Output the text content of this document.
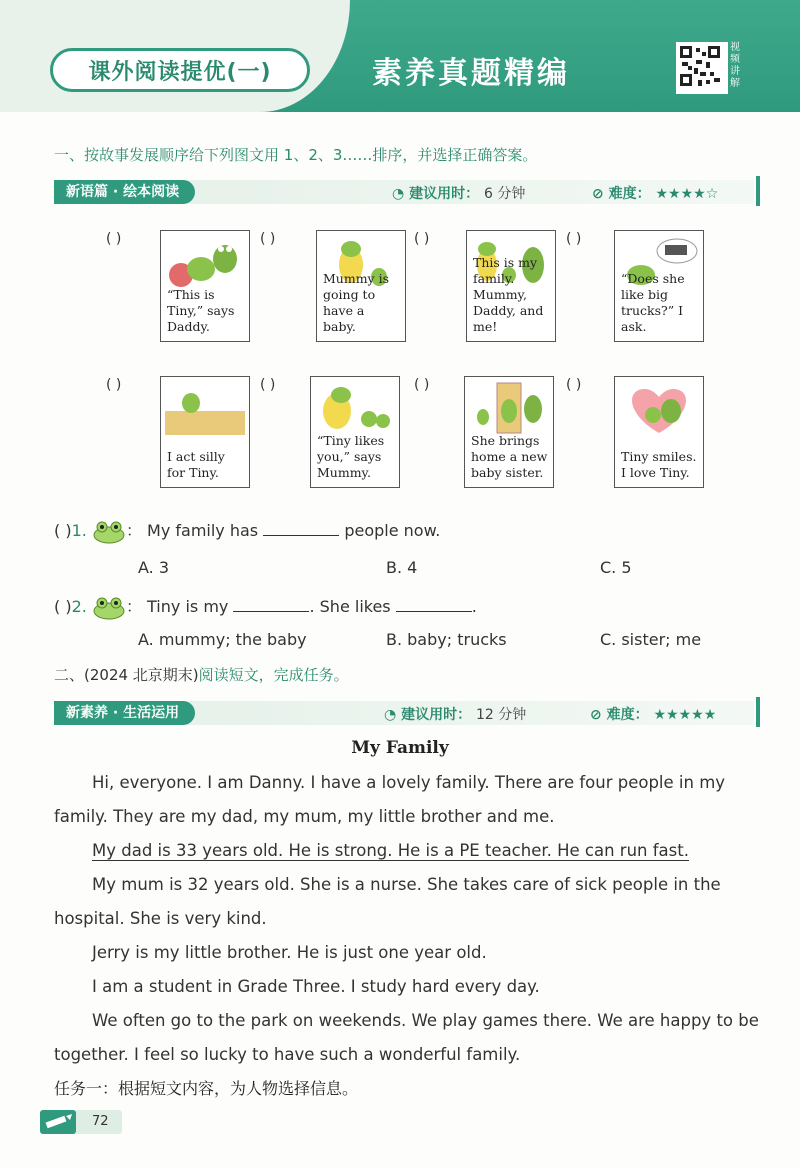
课外阅读提优(一)	素养真题精编
视频讲解
一、按故事发展顺序给下列图文用 1、2、3……排序，并选择正确答案。
新语篇 · 绘本阅读	◔ 建议用时： 6 分钟	⊘ 难度： ★★★★☆
( )
“This is Tiny,” says Daddy.
( )
Mummy is going to have a baby.
( )
This is my family. Mummy, Daddy, and me!
( )
“Does she like big trucks?” I ask.
( )
I act silly for Tiny.
( )
“Tiny likes you,” says Mummy.
( )
She brings home a new baby sister.
( )
Tiny smiles. I love Tiny.
( )1. ： My family has	people now.
A. 3	B. 4	C. 5
( )2. ： Tiny is my	. She likes	.
A. mummy; the baby	B. baby; trucks	C. sister; me
二、(2024 北京期末)阅读短文，完成任务。
新素养 · 生活运用	◔ 建议用时： 12 分钟	⊘ 难度： ★★★★★
My Family
Hi, everyone. I am Danny. I have a lovely family. There are four people in my
family. They are my dad, my mum, my little brother and me.
My dad is 33 years old. He is strong. He is a PE teacher. He can run fast.
My mum is 32 years old. She is a nurse. She takes care of sick people in the
hospital. She is very kind.
Jerry is my little brother. He is just one year old.
I am a student in Grade Three. I study hard every day.
We often go to the park on weekends. We play games there. We are happy to be
together. I feel so lucky to have such a wonderful family.
任务一：根据短文内容，为人物选择信息。
72
